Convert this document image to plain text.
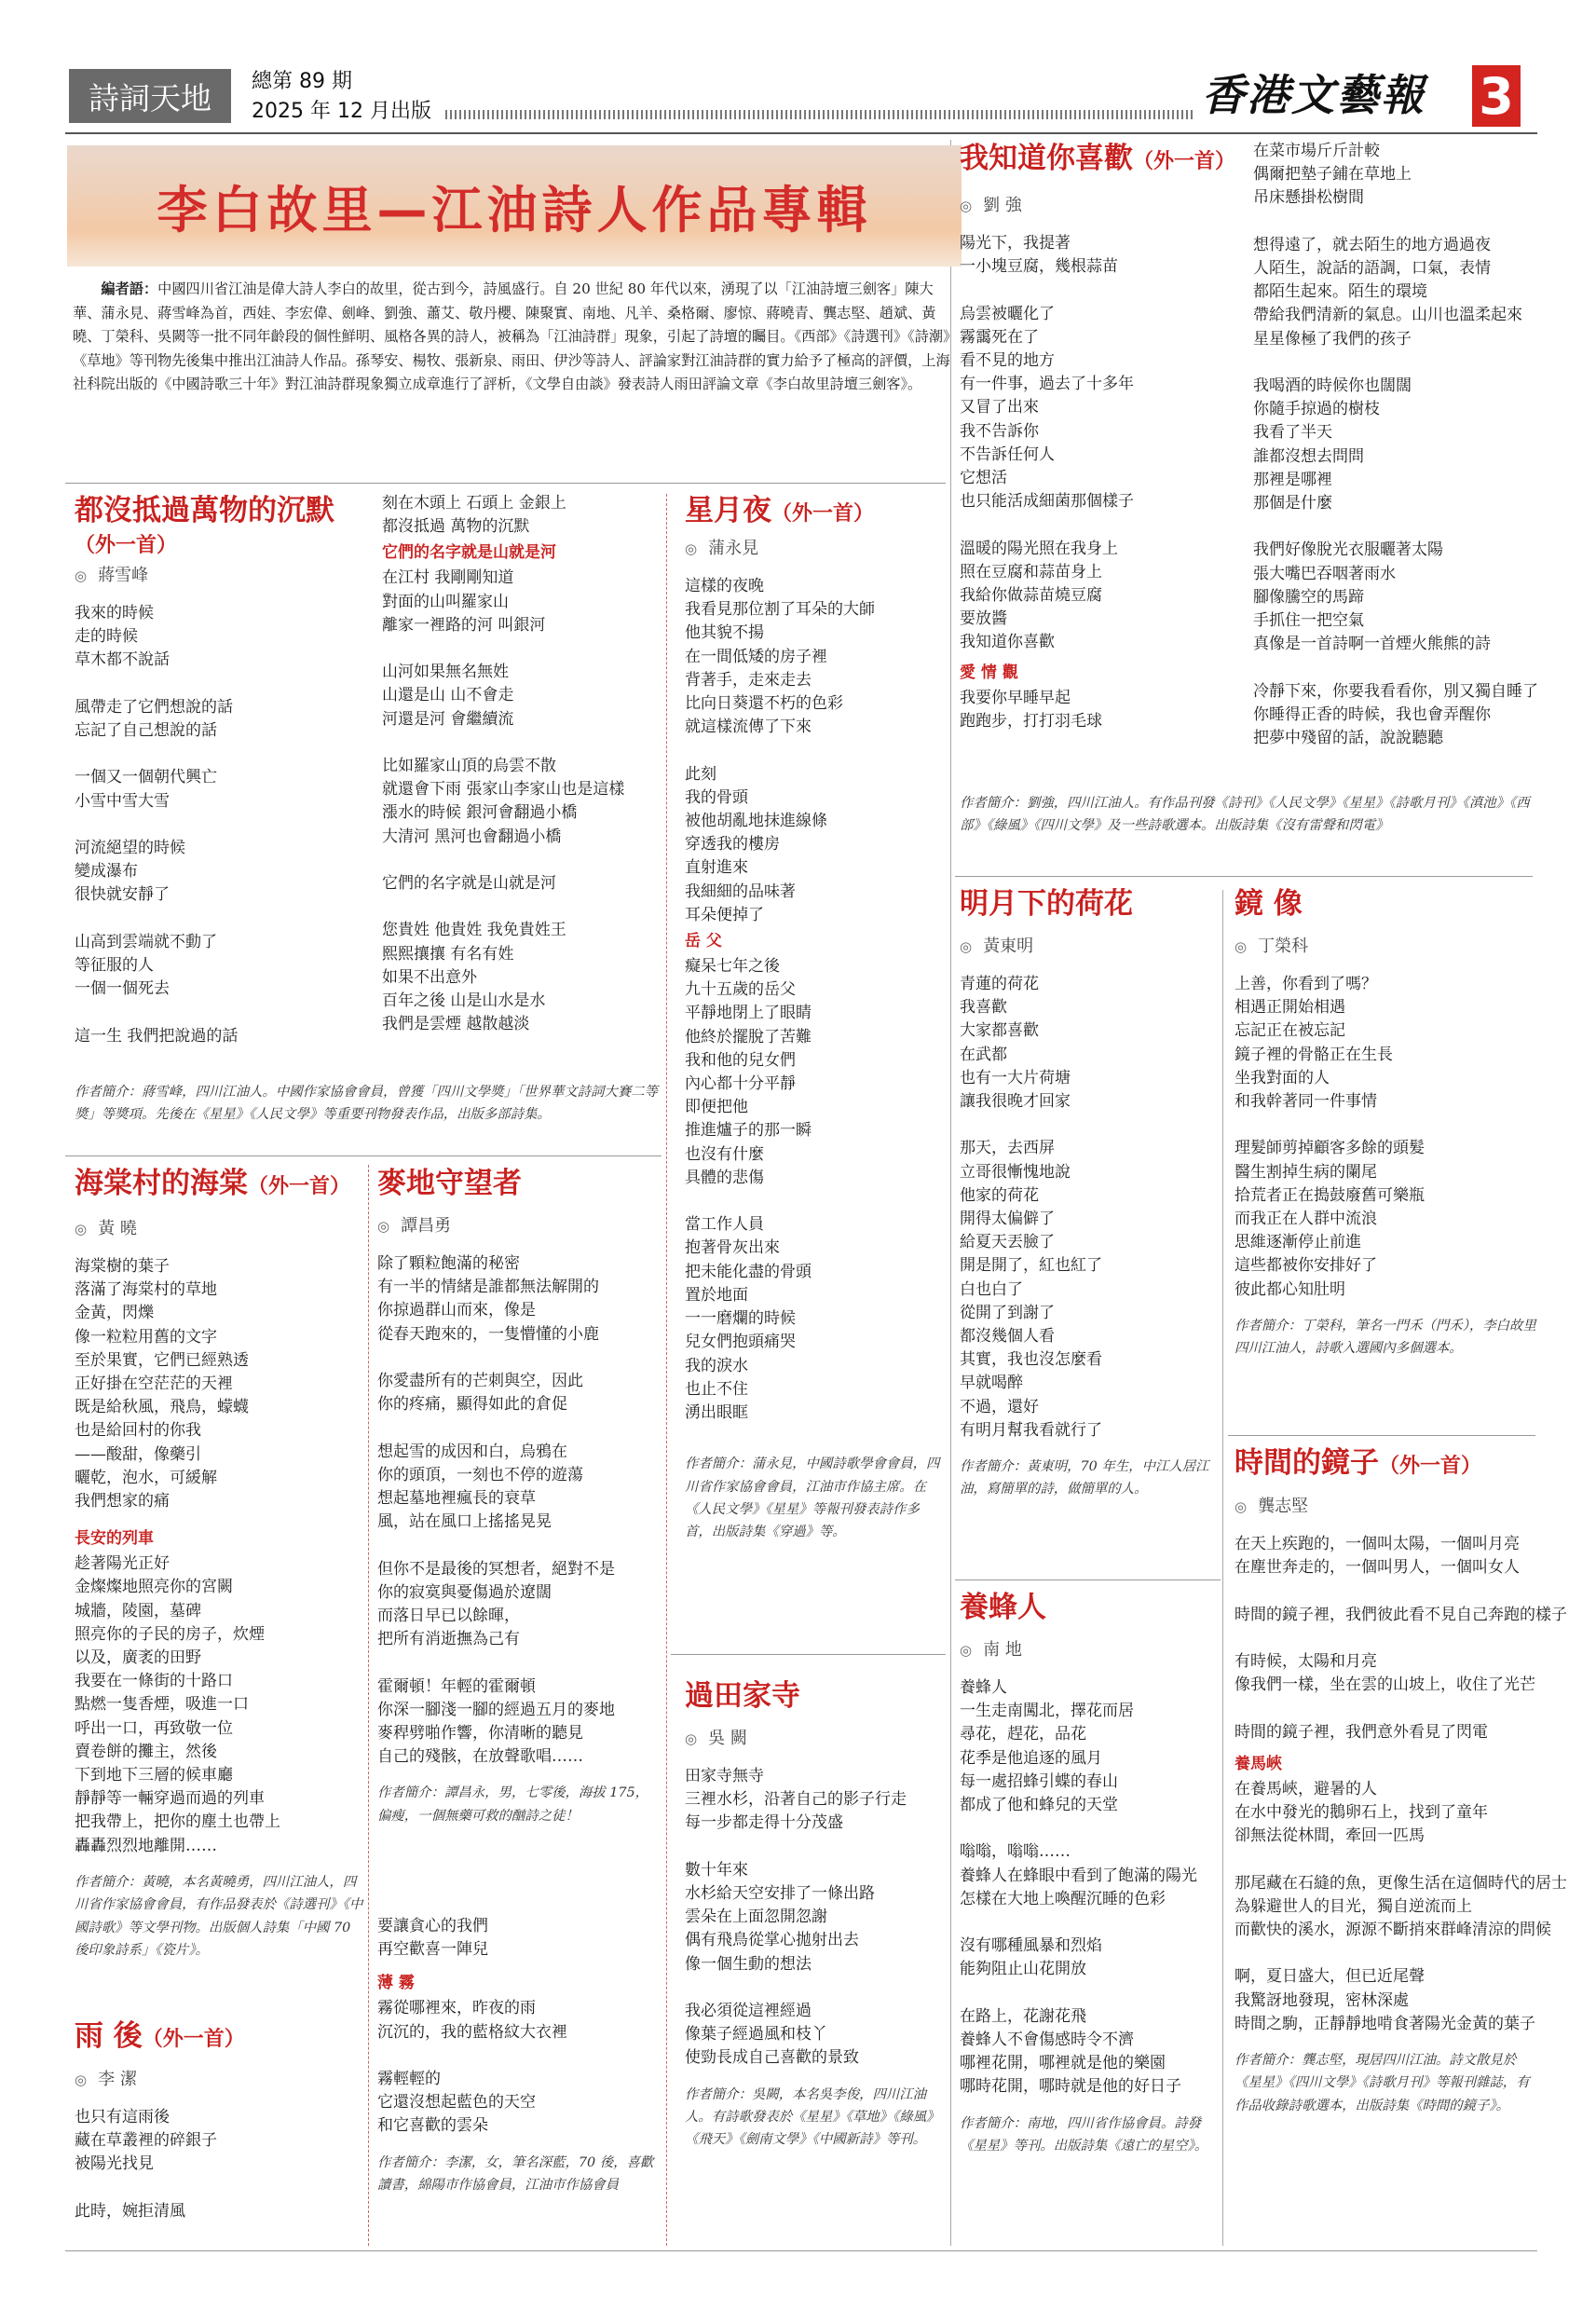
詩詞天地	總第 89 期
2025 年 12 月出版	香港文藝報 3
李白故里—江油詩人作品專輯
編者語：中國四川省江油是偉大詩人李白的故里，從古到今，詩風盛行。自 20 世紀 80 年代以來，湧現了以「江油詩壇三劍客」陳大華、蒲永見、蔣雪峰為首，西娃、李宏偉、劍峰、劉強、蕭艾、敬丹櫻、陳聚實、南地、凡羊、桑格爾、廖惊、蔣曉青、龔志堅、趙斌、黃曉、丁榮科、吳闕等一批不同年齡段的個性鮮明、風格各異的詩人，被稱為「江油詩群」現象，引起了詩壇的矚目。《西部》《詩選刊》《詩潮》《草地》等刊物先後集中推出江油詩人作品。孫琴安、楊牧、張新泉、雨田、伊沙等詩人、評論家對江油詩群的實力給予了極高的評價，上海社科院出版的《中國詩歌三十年》對江油詩群現象獨立成章進行了評析，《文學自由談》發表詩人雨田評論文章《李白故里詩壇三劍客》。
都沒抵過萬物的沉默
（外一首）
◎ 蔣雪峰
我來的時候
走的時候
草木都不說話

風帶走了它們想說的話
忘記了自己想說的話

一個又一個朝代興亡
小雪中雪大雪

河流絕望的時候
變成瀑布
很快就安靜了

山高到雲端就不動了
等征服的人
一個一個死去

這一生 我們把說過的話
刻在木頭上 石頭上 金銀上
都沒抵過 萬物的沉默
它們的名字就是山就是河
在江村 我剛剛知道
對面的山叫羅家山
離家一裡路的河 叫銀河

山河如果無名無姓
山還是山 山不會走
河還是河 會繼續流

比如羅家山頂的烏雲不散
就還會下雨 張家山李家山也是這樣
漲水的時候 銀河會翻過小橋
大清河 黑河也會翻過小橋

它們的名字就是山就是河

您貴姓 他貴姓 我免貴姓王
熙熙攘攘 有名有姓
如果不出意外
百年之後 山是山水是水
我們是雲煙 越散越淡
作者簡介：蔣雪峰，四川江油人。中國作家協會會員，曾獲「四川文學獎」「世界華文詩詞大賽二等獎」等獎項。先後在《星星》《人民文學》等重要刊物發表作品，出版多部詩集。
星月夜（外一首）
◎ 蒲永見
這樣的夜晚
我看見那位割了耳朵的大師
他其貌不揚
在一間低矮的房子裡
背著手，走來走去
比向日葵還不朽的色彩
就這樣流傳了下來

此刻
我的骨頭
被他胡亂地抹進線條
穿透我的樓房
直射進來
我細細的品味著
耳朵便掉了
岳 父
癡呆七年之後
九十五歲的岳父
平靜地閉上了眼睛
他終於擺脫了苦難
我和他的兒女們
內心都十分平靜
即便把他
推進爐子的那一瞬
也沒有什麼
具體的悲傷

當工作人員
抱著骨灰出來
把未能化盡的骨頭
置於地面
一一磨爛的時候
兒女們抱頭痛哭
我的淚水
也止不住
湧出眼眶
作者簡介：蒲永見，中國詩歌學會會員，四川省作家協會會員，江油市作協主席。在《人民文學》《星星》等報刊發表詩作多首，出版詩集《穿過》等。
我知道你喜歡（外一首）
◎ 劉 強
陽光下，我提著
一小塊豆腐，幾根蒜苗

烏雲被曬化了
霧靄死在了
看不見的地方
有一件事，過去了十多年
又冒了出來
我不告訴你
不告訴任何人
它想活
也只能活成細菌那個樣子

溫暖的陽光照在我身上
照在豆腐和蒜苗身上
我給你做蒜苗燒豆腐
要放醬
我知道你喜歡
愛 情 觀
我要你早睡早起
跑跑步，打打羽毛球
在菜市場斤斤計較
偶爾把墊子鋪在草地上
吊床懸掛松樹間

想得遠了，就去陌生的地方過過夜
人陌生，說話的語調，口氣，表情
都陌生起來。陌生的環境
帶給我們清新的氣息。山川也溫柔起來
星星像極了我們的孩子

我喝酒的時候你也闊闊
你隨手掠過的樹枝
我看了半天
誰都沒想去問問
那裡是哪裡
那個是什麼

我們好像脫光衣服曬著太陽
張大嘴巴吞咽著雨水
腳像騰空的馬蹄
手抓住一把空氣
真像是一首詩啊一首煙火熊熊的詩

冷靜下來，你要我看看你，別又獨自睡了
你睡得正香的時候，我也會弄醒你
把夢中殘留的話，說說聽聽
作者簡介：劉強，四川江油人。有作品刊發《詩刊》《人民文學》《星星》《詩歌月刊》《滇池》《西部》《綠風》《四川文學》及一些詩歌選本。出版詩集《沒有雷聲和閃電》
海棠村的海棠（外一首）
◎ 黃 曉
海棠樹的葉子
落滿了海棠村的草地
金黃，閃爍
像一粒粒用舊的文字
至於果實，它們已經熟透
正好掛在空茫茫的天裡
既是給秋風，飛鳥，蠓蠛
也是給回村的你我
——酸甜，像藥引
曬乾，泡水，可緩解
我們想家的痛
長安的列車
趁著陽光正好
金燦燦地照亮你的宮闕
城牆，陵園，墓碑
照亮你的子民的房子，炊煙
以及，廣袤的田野
我要在一條街的十路口
點燃一隻香煙，吸進一口
呼出一口，再致敬一位
賣卷餅的攤主，然後
下到地下三層的候車廳
靜靜等一輛穿過而過的列車
把我帶上，把你的塵土也帶上
轟轟烈烈地離開……
作者簡介：黃曉，本名黃曉勇，四川江油人，四川省作家協會會員，有作品發表於《詩選刊》《中國詩歌》等文學刊物。出版個人詩集「中國 70 後印象詩系」《瓷片》。
麥地守望者
◎ 譚昌勇
除了顆粒飽滿的秘密
有一半的情緒是誰都無法解開的
你掠過群山而來，像是
從春天跑來的，一隻懵懂的小鹿

你愛盡所有的芒刺與空，因此
你的疼痛，顯得如此的倉促

想起雪的成因和白，烏鴉在
你的頭頂，一刻也不停的遊蕩
想起墓地裡瘋長的衰草
風，站在風口上搖搖晃晃

但你不是最後的冥想者，絕對不是
你的寂寞與憂傷過於遼闊
而落日早已以餘暉，
把所有消逝撫為己有

霍爾頓！年輕的霍爾頓
你深一腳淺一腳的經過五月的麥地
麥稈劈啪作響，你清晰的聽見
自己的殘骸，在放聲歌唱……
作者簡介：譚昌永，男，七零後，海拔 175，偏瘦，一個無藥可救的酗詩之徒！
明月下的荷花
◎ 黃東明
青蓮的荷花
我喜歡
大家都喜歡
在武都
也有一大片荷塘
讓我很晚才回家

那天，去西屏
立哥很慚愧地說
他家的荷花
開得太偏僻了
給夏天丟臉了
開是開了，紅也紅了
白也白了
從開了到謝了
都沒幾個人看
其實，我也沒怎麼看
早就喝醉
不過，還好
有明月幫我看就行了
作者簡介：黃東明，70 年生，中江人居江油，寫簡單的詩，做簡單的人。
鏡 像
◎ 丁榮科
上善，你看到了嗎？
相遇正開始相遇
忘記正在被忘記
鏡子裡的骨骼正在生長
坐我對面的人
和我幹著同一件事情

理髮師剪掉顧客多餘的頭髮
醫生割掉生病的闌尾
拾荒者正在搗鼓廢舊可樂瓶
而我正在人群中流浪
思維逐漸停止前進
這些都被你安排好了
彼此都心知肚明
作者簡介：丁榮科，筆名一門禾（門禾），李白故里四川江油人，詩歌入選國內多個選本。
時間的鏡子（外一首）
◎ 龔志堅
在天上疾跑的，一個叫太陽，一個叫月亮
在塵世奔走的，一個叫男人，一個叫女人

時間的鏡子裡，我們彼此看不見自己奔跑的樣子

有時候，太陽和月亮
像我們一樣，坐在雲的山坡上，收住了光芒

時間的鏡子裡，我們意外看見了閃電
養馬峽
在養馬峽，避暑的人
在水中發光的鵝卵石上，找到了童年
卻無法從林間，牽回一匹馬

那尾藏在石縫的魚，更像生活在這個時代的居士
為躲避世人的目光，獨自逆流而上
而歡快的溪水，源源不斷捎來群峰清涼的問候

啊，夏日盛大，但已近尾聲
我驚訝地發現，密林深處
時間之駒，正靜靜地啃食著陽光金黃的葉子
作者簡介：龔志堅，現居四川江油。詩文散見於《星星》《四川文學》《詩歌月刊》等報刊雜誌，有作品收錄詩歌選本，出版詩集《時間的鏡子》。
雨 後（外一首）
◎ 李 潔
也只有這雨後
藏在草叢裡的碎銀子
被陽光找見

此時，婉拒清風
要讓貪心的我們
再空歡喜一陣兒
薄 霧
霧從哪裡來，昨夜的雨
沉沉的，我的藍格紋大衣裡

霧輕輕的
它還沒想起藍色的天空
和它喜歡的雲朵
作者簡介：李潔，女，筆名深藍，70 後，喜歡讀書，綿陽市作協會員，江油市作協會員
過田家寺
◎ 吳 闕
田家寺無寺
三裡水杉，沿著自己的影子行走
每一步都走得十分茂盛

數十年來
水杉給天空安排了一條出路
雲朵在上面忽開忽謝
偶有飛鳥從掌心拋射出去
像一個生動的想法

我必須從這裡經過
像葉子經過風和枝丫
使勁長成自己喜歡的景致
作者簡介：吳闕，本名吳李俊，四川江油人。有詩歌發表於《星星》《草地》《綠風》《飛天》《劍南文學》《中國新詩》等刊。
養蜂人
◎ 南 地
養蜂人
一生走南闖北，擇花而居
尋花，趕花，品花
花季是他追逐的風月
每一處招蜂引蝶的春山
都成了他和蜂兒的天堂

嗡嗡，嗡嗡……
養蜂人在蜂眼中看到了飽滿的陽光
怎樣在大地上喚醒沉睡的色彩

沒有哪種風暴和烈焰
能夠阻止山花開放

在路上，花謝花飛
養蜂人不會傷感時令不濟
哪裡花開，哪裡就是他的樂園
哪時花開，哪時就是他的好日子
作者簡介：南地，四川省作協會員。詩發《星星》等刊。出版詩集《遠亡的星空》。
